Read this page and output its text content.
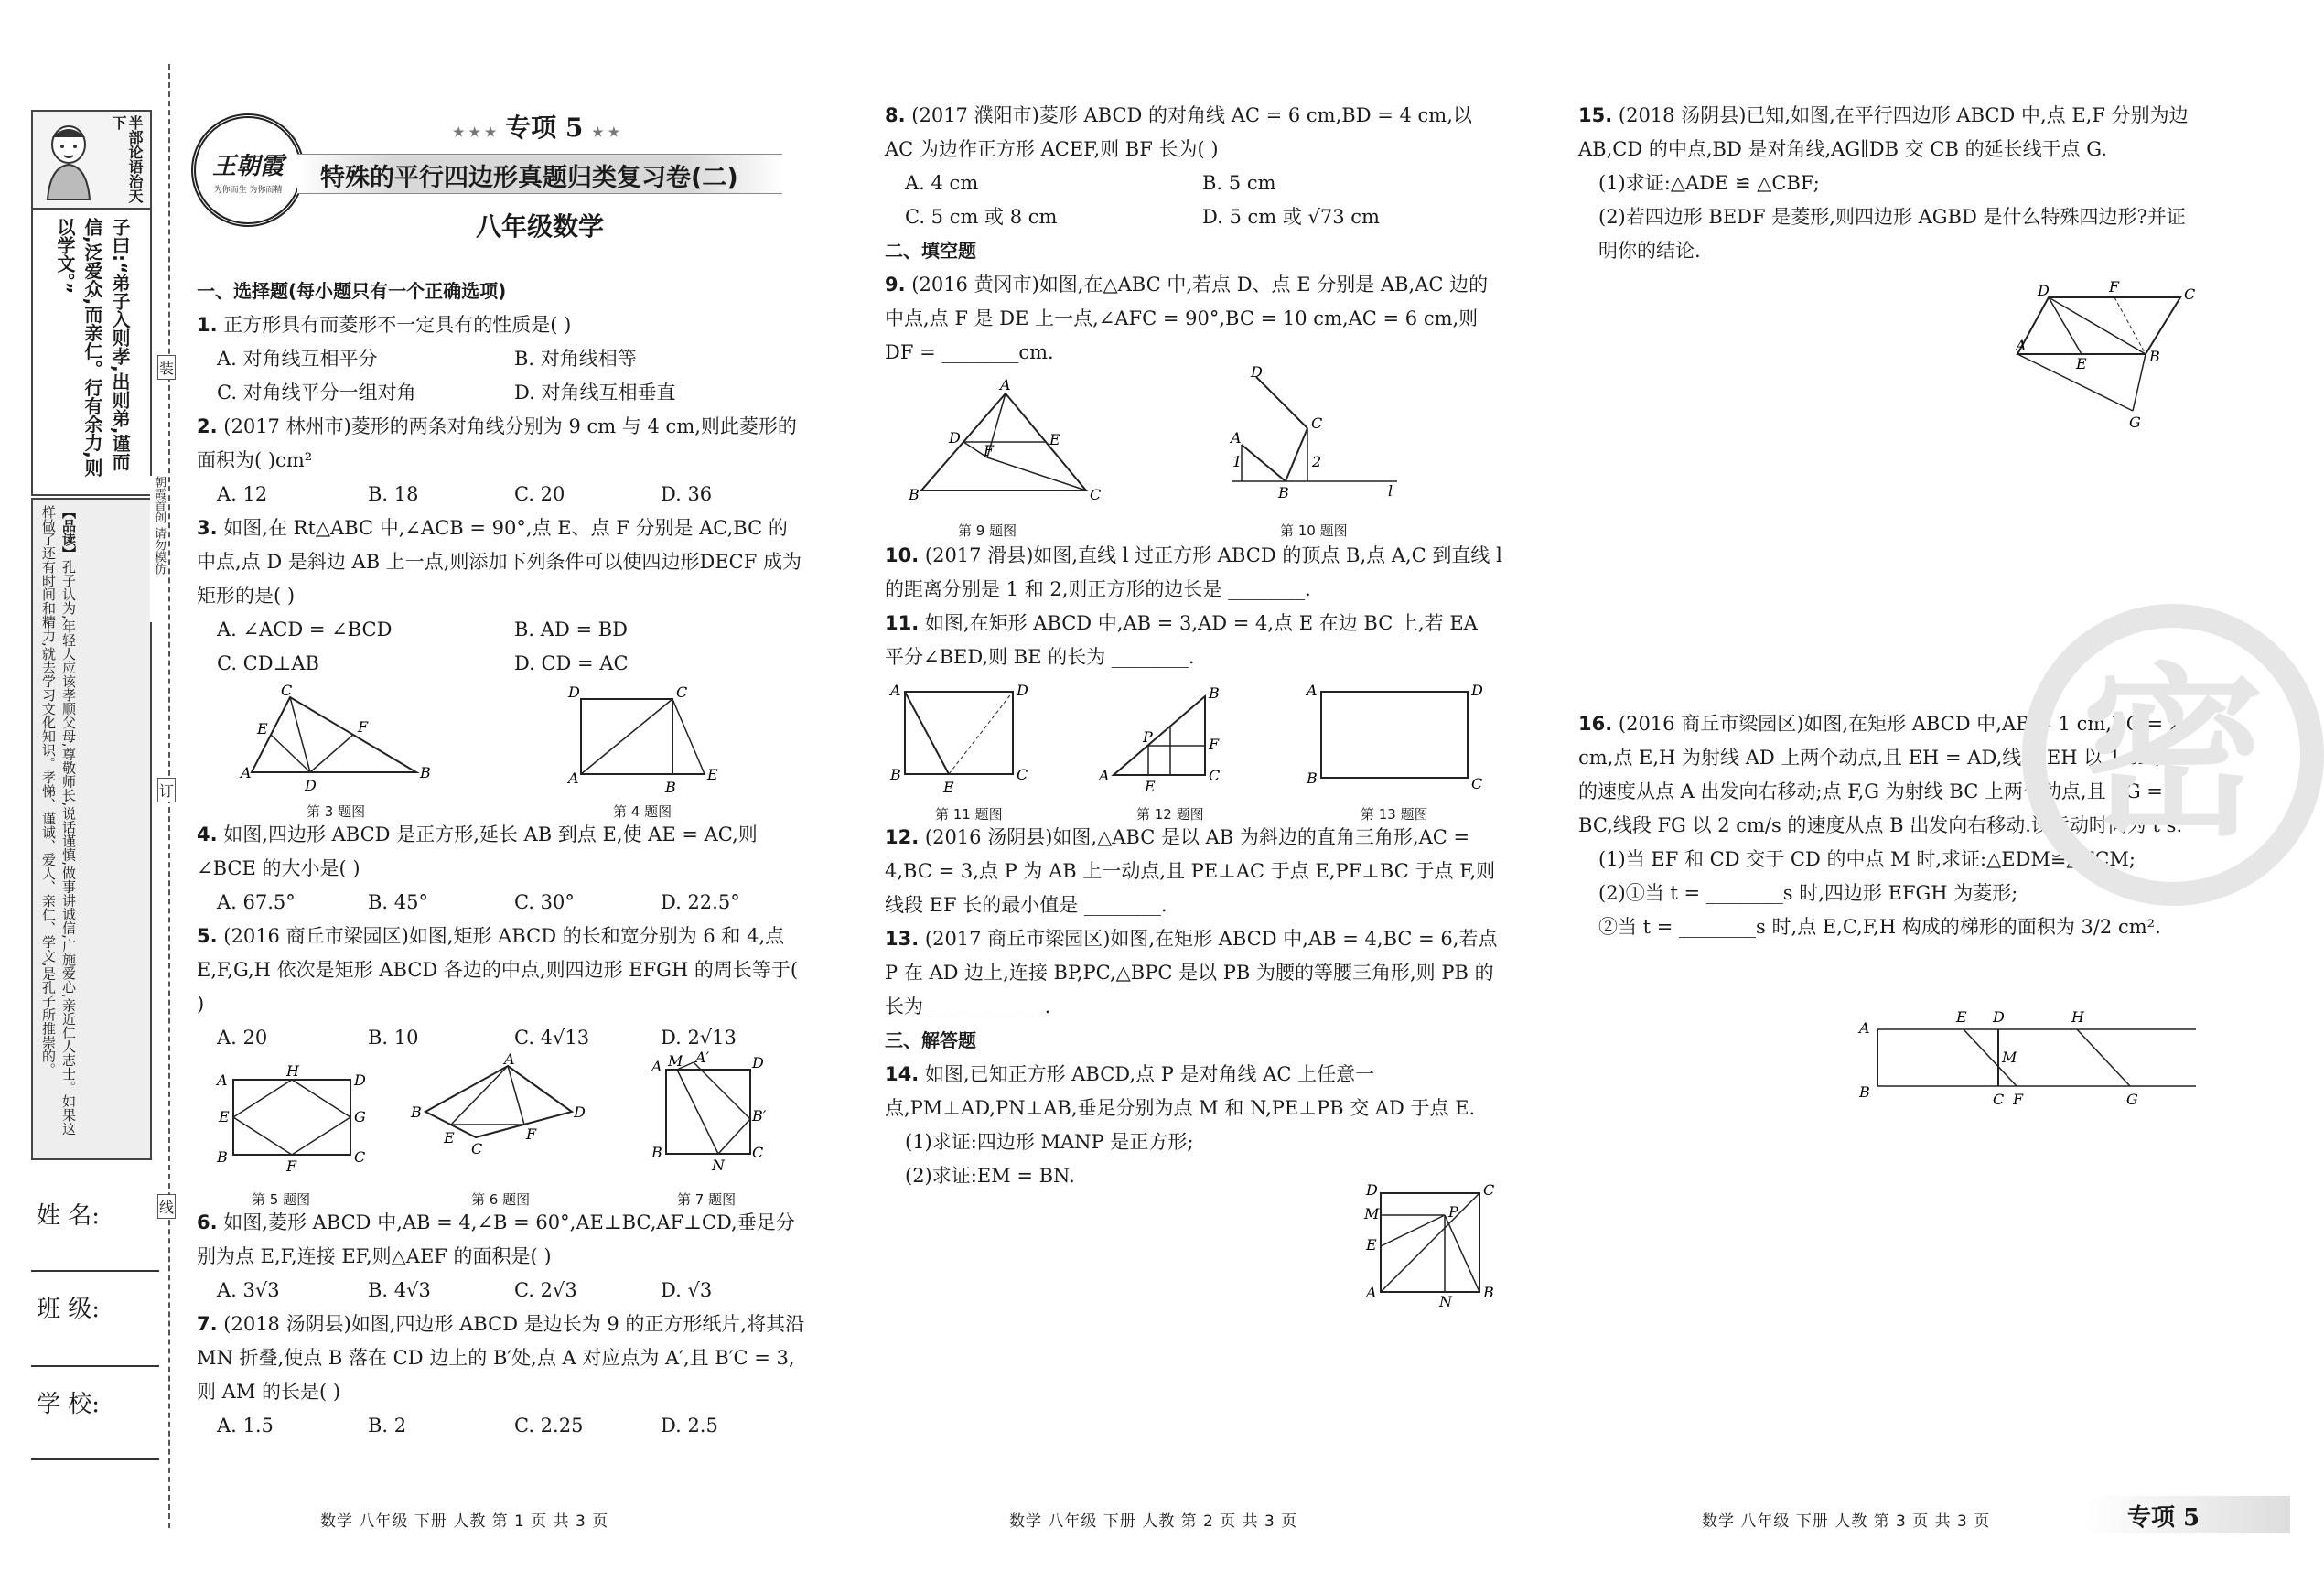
半部论语治天下
子曰:“弟子入则孝,出则弟,谨而信,泛爱众,而亲仁。行有余力,则以学文。”
【品读】孔子认为,年轻人应该孝顺父母,尊敬师长,说话谨慎,做事讲诚信,广施爱心,亲近仁人志士。如果这样做了还有时间和精力,就去学习文化知识。孝悌、谨诚、爱人、亲仁、学文,是孔子所推崇的。
姓 名:
班 级:
学 校:
装
朝霞首创 请勿模仿
订
线
王朝霞
为你而生 为你而精
★ ★ ★ 专项 5 ★ ★
特殊的平行四边形真题归类复习卷(二)
八年级数学

一、选择题(每小题只有一个正确选项)

1. 正方形具有而菱形不一定具有的性质是( )

A. 对角线互相平分	B. 对角线相等
C. 对角线平分一组对角	D. 对角线互相垂直

2. (2017 林州市)菱形的两条对角线分别为 9 cm 与 4 cm,则此菱形的面积为( )cm²

A. 12	B. 18	C. 20	D. 36

3. 如图,在 Rt△ABC 中,∠ACB = 90°,点 E、点 F 分别是 AC,BC 的中点,点 D 是斜边 AB 上一点,则添加下列条件可以使四边形DECF 成为矩形的是( )

A. ∠ACD = ∠BCD	B. AD = BD
C. CD⊥AB	D. CD = AC
C
E	F
A
D
B
D	C
A
B
E
第 3 题图	第 4 题图

4. 如图,四边形 ABCD 是正方形,延长 AB 到点 E,使 AE = AC,则∠BCE 的大小是( )

A. 67.5°	B. 45°	C. 30°	D. 22.5°

5. (2016 商丘市梁园区)如图,矩形 ABCD 的长和宽分别为 6 和 4,点 E,F,G,H 依次是矩形 ABCD 各边的中点,则四边形 EFGH 的周长等于( )

A. 20	B. 10	C. 4√13	D. 2√13
A
H
D
E	G
B
F
C
A
B	D
E	F
C
A M A′	D
B′
B
N
C
第 5 题图	第 6 题图	第 7 题图

6. 如图,菱形 ABCD 中,AB = 4,∠B = 60°,AE⊥BC,AF⊥CD,垂足分别为点 E,F,连接 EF,则△AEF 的面积是( )

A. 3√3	B. 4√3	C. 2√3	D. √3

7. (2018 汤阴县)如图,四边形 ABCD 是边长为 9 的正方形纸片,将其沿 MN 折叠,使点 B 落在 CD 边上的 B′处,点 A 对应点为 A′,且 B′C = 3,则 AM 的长是( )

A. 1.5	B. 2	C. 2.25	D. 2.5

8. (2017 濮阳市)菱形 ABCD 的对角线 AC = 6 cm,BD = 4 cm,以 AC 为边作正方形 ACEF,则 BF 长为( )

A. 4 cm	B. 5 cm
C. 5 cm 或 8 cm	D. 5 cm 或 √73 cm

二、填空题

9. (2016 黄冈市)如图,在△ABC 中,若点 D、点 E 分别是 AB,AC 边的中点,点 F 是 DE 上一点,∠AFC = 90°,BC = 10 cm,AC = 6 cm,则 DF = ________cm.

A
D	E
F
B	C
D
C
A
1	2
B	l
第 9 题图	第 10 题图

10. (2017 滑县)如图,直线 l 过正方形 ABCD 的顶点 B,点 A,C 到直线 l 的距离分别是 1 和 2,则正方形的边长是 ________.

11. 如图,在矩形 ABCD 中,AB = 3,AD = 4,点 E 在边 BC 上,若 EA 平分∠BED,则 BE 的长为 ________.

A	D
B
E
C	A
B
C
P	F
E
A	D
B	C
第 11 题图	第 12 题图	第 13 题图

12. (2016 汤阴县)如图,△ABC 是以 AB 为斜边的直角三角形,AC = 4,BC = 3,点 P 为 AB 上一动点,且 PE⊥AC 于点 E,PF⊥BC 于点 F,则线段 EF 长的最小值是 ________.

13. (2017 商丘市梁园区)如图,在矩形 ABCD 中,AB = 4,BC = 6,若点 P 在 AD 边上,连接 BP,PC,△BPC 是以 PB 为腰的等腰三角形,则 PB 的长为 ____________.

三、解答题

14. 如图,已知正方形 ABCD,点 P 是对角线 AC 上任意一点,PM⊥AD,PN⊥AB,垂足分别为点 M 和 N,PE⊥PB 交 AD 于点 E.

(1)求证:四边形 MANP 是正方形;

(2)求证:EM = BN.

D	C
M	P
E
A
N
B

15. (2018 汤阴县)已知,如图,在平行四边形 ABCD 中,点 E,F 分别为边 AB,CD 的中点,BD 是对角线,AG∥DB 交 CB 的延长线于点 G.

(1)求证:△ADE ≌ △CBF;

(2)若四边形 BEDF 是菱形,则四边形 AGBD 是什么特殊四边形?并证明你的结论.

D	F	C
A
E	B
G

16. (2016 商丘市梁园区)如图,在矩形 ABCD 中,AB = 1 cm,BC = 2 cm,点 E,H 为射线 AD 上两个动点,且 EH = AD,线段 EH 以 1 cm/s 的速度从点 A 出发向右移动;点 F,G 为射线 BC 上两个动点,且 FG = BC,线段 FG 以 2 cm/s 的速度从点 B 出发向右移动.设运动时间为 t s.

(1)当 EF 和 CD 交于 CD 的中点 M 时,求证:△EDM≌△FCM;

(2)①当 t = ________s 时,四边形 EFGH 为菱形;

②当 t = ________s 时,点 E,C,F,H 构成的梯形的面积为 3/2 cm².

A
E D	H
M
B	C F	G
密
数学 八年级 下册 人教 第 1 页 共 3 页	数学 八年级 下册 人教 第 2 页 共 3 页	数学 八年级 下册 人教 第 3 页 共 3 页	专项 5
